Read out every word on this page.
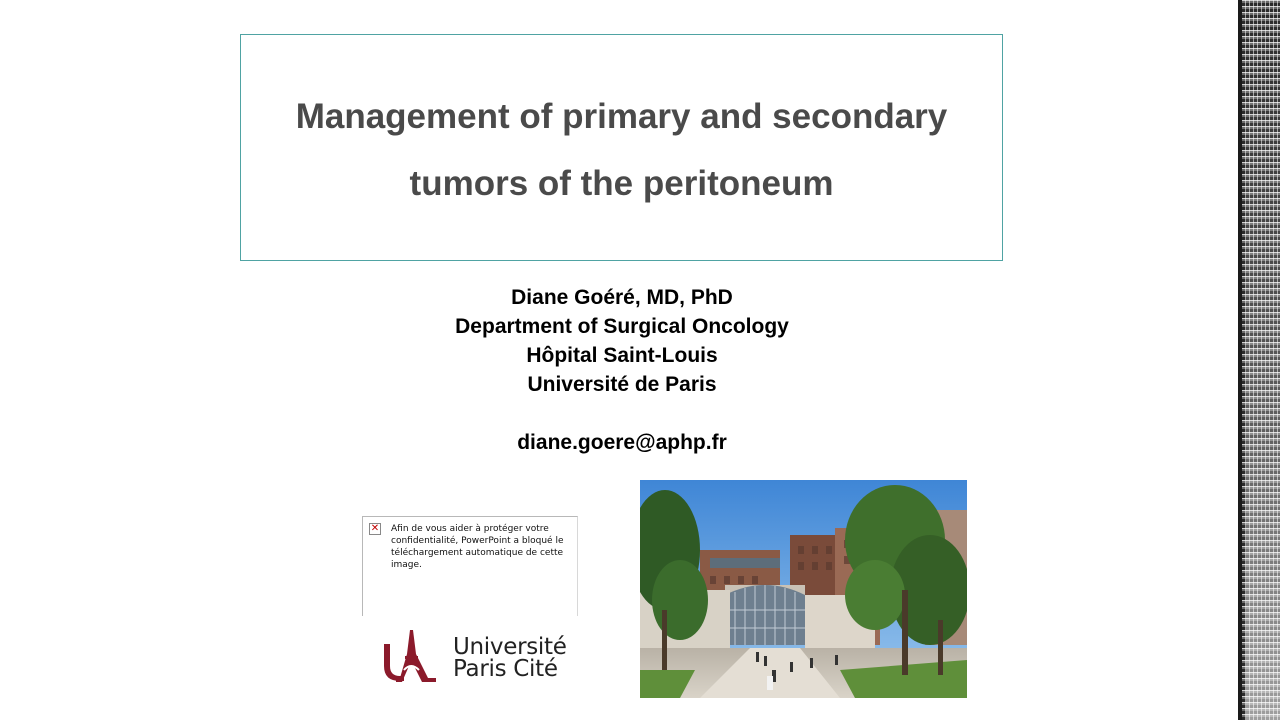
Management of primary and secondary tumors of the peritoneum
Diane Goéré, MD, PhD
Department of Surgical Oncology
Hôpital Saint-Louis
Université de Paris
diane.goere@aphp.fr
✕ Afin de vous aider à protéger votre confidentialité, PowerPoint a bloqué le téléchargement automatique de cette image.
Université
Paris Cité
